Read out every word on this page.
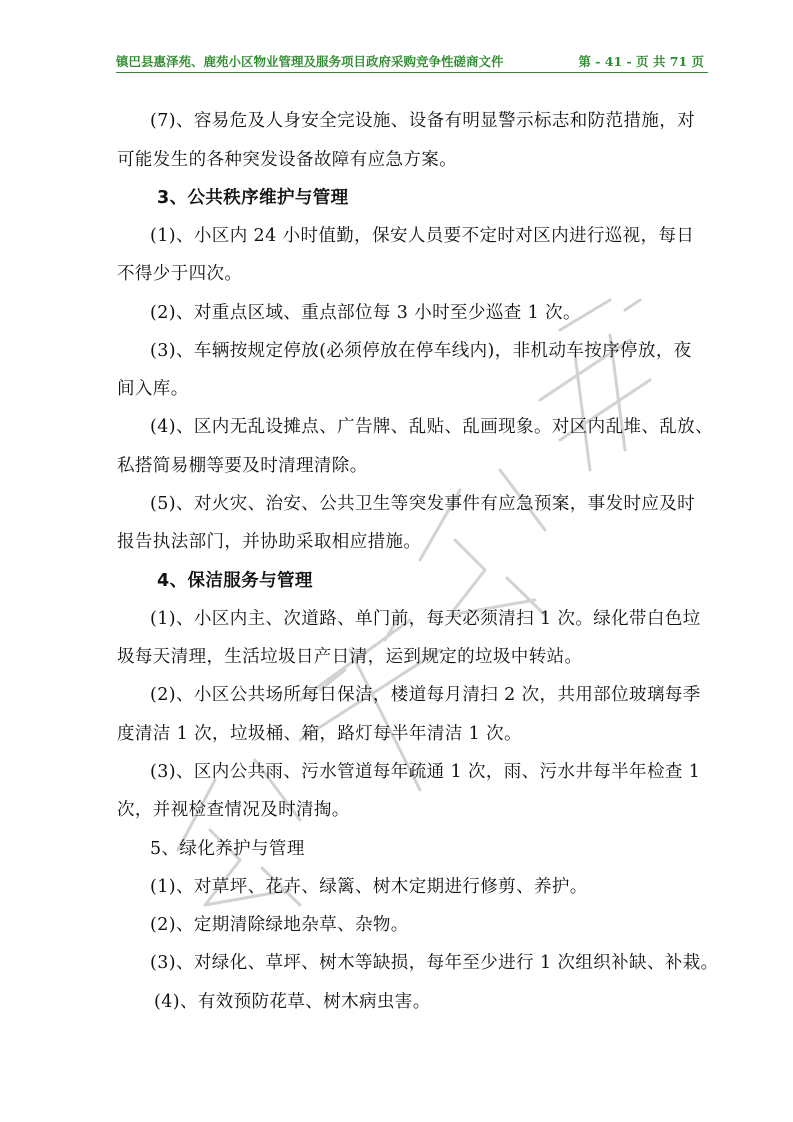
镇巴县惠泽苑、鹿苑小区物业管理及服务项目政府采购竞争性磋商文件	第 - 41 - 页 共 71 页
(7)、容易危及人身安全完设施、设备有明显警示标志和防范措施，对
可能发生的各种突发设备故障有应急方案。
3、公共秩序维护与管理
(1)、小区内 24 小时值勤，保安人员要不定时对区内进行巡视，每日
不得少于四次。
(2)、对重点区域、重点部位每 3 小时至少巡查 1 次。
(3)、车辆按规定停放(必须停放在停车线内)，非机动车按序停放，夜
间入库。
(4)、区内无乱设摊点、广告牌、乱贴、乱画现象。对区内乱堆、乱放、
私搭简易棚等要及时清理清除。
(5)、对火灾、治安、公共卫生等突发事件有应急预案，事发时应及时
报告执法部门，并协助采取相应措施。
4、保洁服务与管理
(1)、小区内主、次道路、单门前，每天必须清扫 1 次。绿化带白色垃
圾每天清理，生活垃圾日产日清，运到规定的垃圾中转站。
(2)、小区公共场所每日保洁，楼道每月清扫 2 次，共用部位玻璃每季
度清洁 1 次，垃圾桶、箱，路灯每半年清洁 1 次。
(3)、区内公共雨、污水管道每年疏通 1 次，雨、污水井每半年检查 1
次，并视检查情况及时清掏。
5、绿化养护与管理
(1)、对草坪、花卉、绿篱、树木定期进行修剪、养护。
(2)、定期清除绿地杂草、杂物。
(3)、对绿化、草坪、树木等缺损，每年至少进行 1 次组织补缺、补栽。
(4)、有效预防花草、树木病虫害。
